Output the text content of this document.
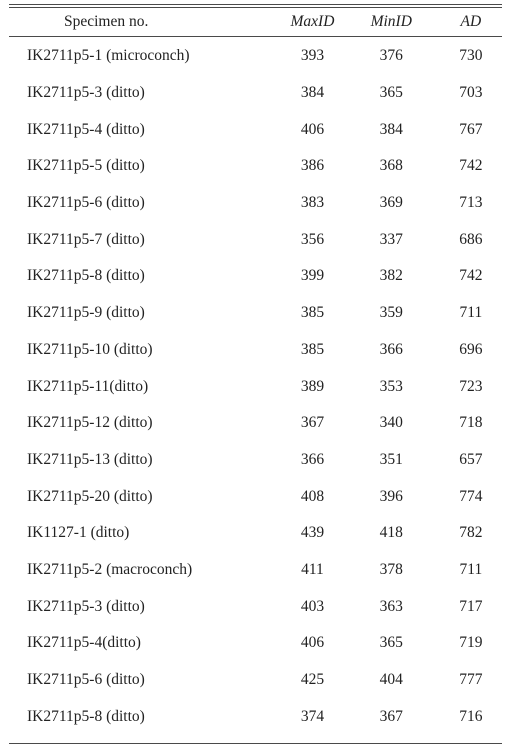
Specimen no.	MaxID	MinID	AD
IK2711p5-1 (microconch)	393	376	730
IK2711p5-3 (ditto)	384	365	703
IK2711p5-4 (ditto)	406	384	767
IK2711p5-5 (ditto)	386	368	742
IK2711p5-6 (ditto)	383	369	713
IK2711p5-7 (ditto)	356	337	686
IK2711p5-8 (ditto)	399	382	742
IK2711p5-9 (ditto)	385	359	711
IK2711p5-10 (ditto)	385	366	696
IK2711p5-11(ditto)	389	353	723
IK2711p5-12 (ditto)	367	340	718
IK2711p5-13 (ditto)	366	351	657
IK2711p5-20 (ditto)	408	396	774
IK1127-1 (ditto)	439	418	782
IK2711p5-2 (macroconch)	411	378	711
IK2711p5-3 (ditto)	403	363	717
IK2711p5-4(ditto)	406	365	719
IK2711p5-6 (ditto)	425	404	777
IK2711p5-8 (ditto)	374	367	716
